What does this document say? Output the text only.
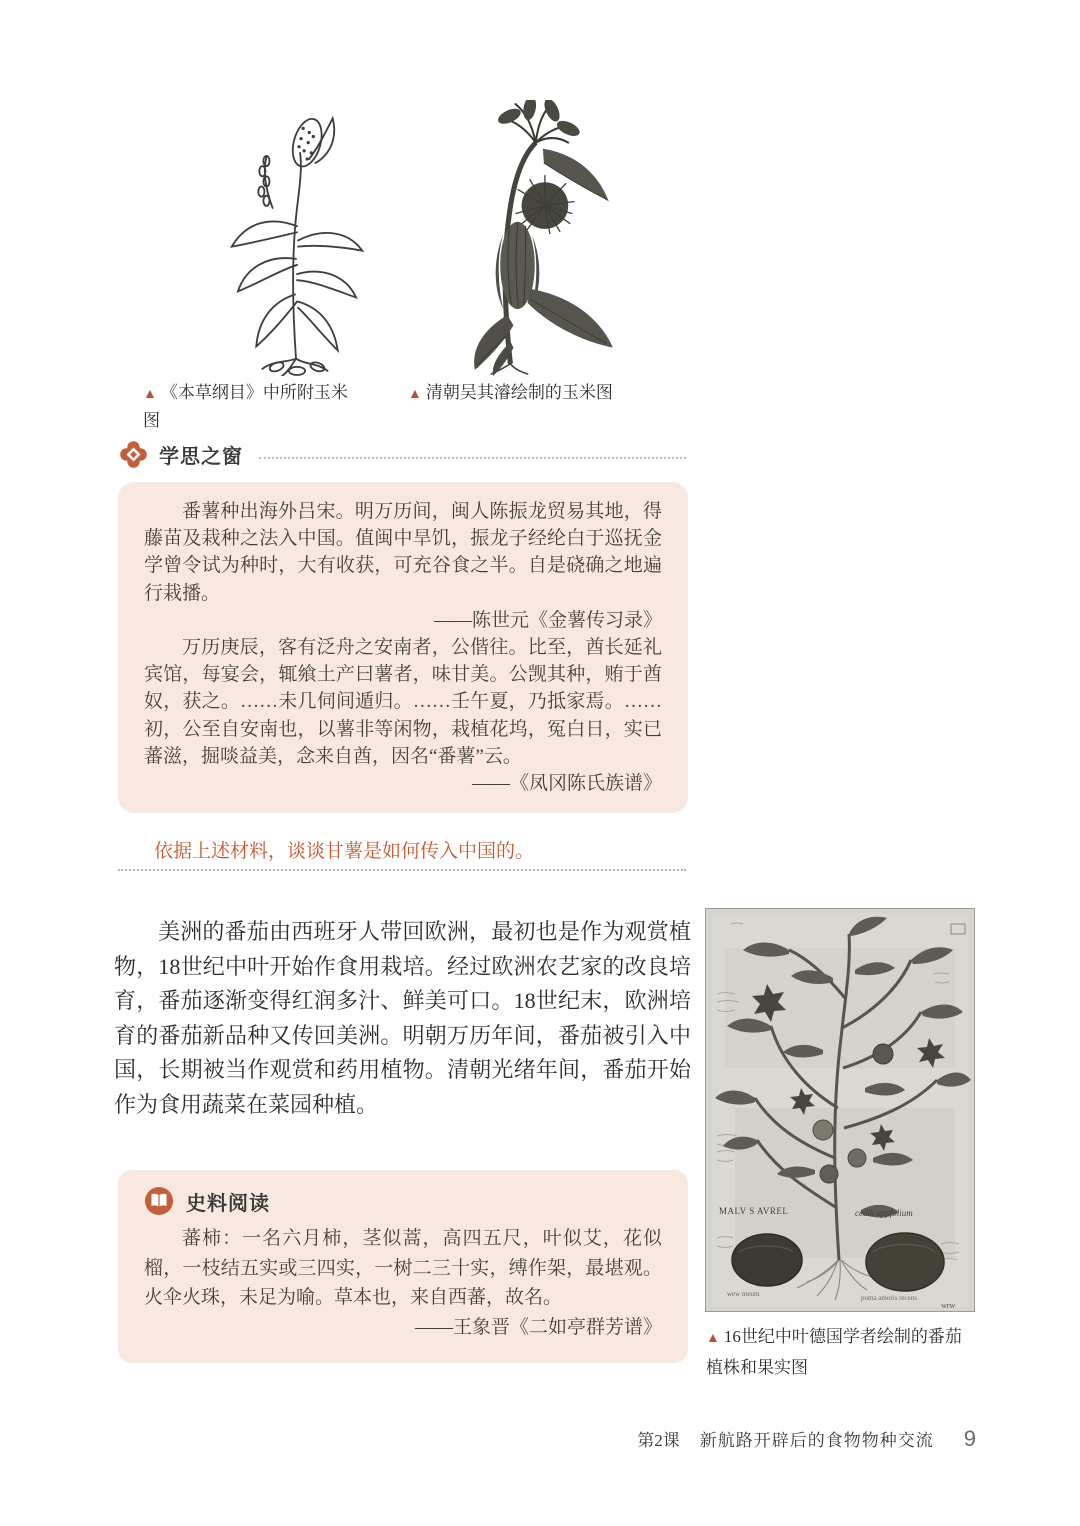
▲ 《本草纲目》中所附玉米图
▲ 清朝吴其濬绘制的玉米图
学思之窗

番薯种出海外吕宋。明万历间，闽人陈振龙贸易其地，得藤苗及栽种之法入中国。值闽中旱饥，振龙子经纶白于巡抚金学曾令试为种时，大有收获，可充谷食之半。自是硗确之地遍行栽播。

——陈世元《金薯传习录》

万历庚辰，客有泛舟之安南者，公偕往。比至，酋长延礼宾馆，每宴会，辄飨土产曰薯者，味甘美。公觊其种，贿于酋奴，获之。……未几伺间遁归。……壬午夏，乃抵家焉。……初，公至自安南也，以薯非等闲物，栽植花坞，冤白日，实已蕃滋，掘啖益美，念来自酋，因名“番薯”云。

——《凤冈陈氏族谱》
依据上述材料，谈谈甘薯是如何传入中国的。

美洲的番茄由西班牙人带回欧洲，最初也是作为观赏植物，18世纪中叶开始作食用栽培。经过欧洲农艺家的改良培育，番茄逐渐变得红润多汁、鲜美可口。18世纪末，欧洲培育的番茄新品种又传回美洲。明朝万历年间，番茄被引入中国，长期被当作观赏和药用植物。清朝光绪年间，番茄开始作为食用蔬菜在菜园种植。

MALV S AVREL	cedik appfolium
wew meum	poma amoris recens
wrw
▲ 16世纪中叶德国学者绘制的番茄植株和果实图
史料阅读

蕃柿：一名六月柿，茎似蒿，高四五尺，叶似艾，花似榴，一枝结五实或三四实，一树二三十实，缚作架，最堪观。火伞火珠，未足为喻。草本也，来自西蕃，故名。

——王象晋《二如亭群芳谱》
第2课 新航路开辟后的食物物种交流 9
